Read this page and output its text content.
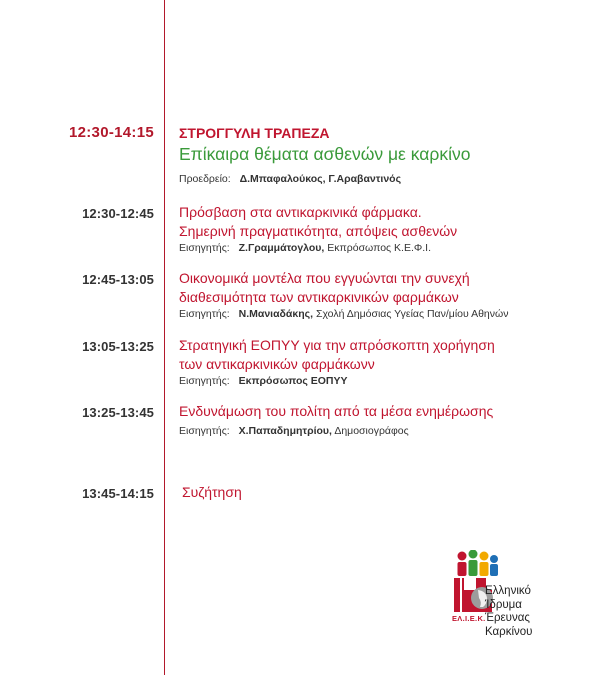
12:30-14:15 ΣΤΡΟΓΓΥΛΗ ΤΡΑΠΕΖΑ
Επίκαιρα θέματα ασθενών με καρκίνο
Προεδρείο: Δ.Μπαφαλούκος, Γ.Αραβαντινός
12:30-12:45 Πρόσβαση στα αντικαρκινικά φάρμακα.
Σημερινή πραγματικότητα, απόψεις ασθενών
Εισηγητής: Ζ.Γραμμάτογλου, Εκπρόσωπος Κ.Ε.Φ.Ι.
12:45-13:05 Οικονομικά μοντέλα που εγγυώνται την συνεχή
διαθεσιμότητα των αντικαρκινικών φαρμάκων
Εισηγητής: Ν.Μανιαδάκης, Σχολή Δημόσιας Υγείας Παν/μίου Αθηνών
13:05-13:25 Στρατηγική ΕΟΠΥΥ για την απρόσκοπτη χορήγηση
των αντικαρκινικών φαρμάκωνν
Εισηγητής: Εκπρόσωπος ΕΟΠΥΥ
13:25-13:45 Ενδυνάμωση του πολίτη από τα μέσα ενημέρωσης
Εισηγητής: Χ.Παπαδημητρίου, Δημοσιογράφος
13:45-14:15 Συζήτηση
Ελληνικό
Ίδρυμα
Έρευνας
Καρκίνου
ΕΛ.Ι.Ε.Κ.
